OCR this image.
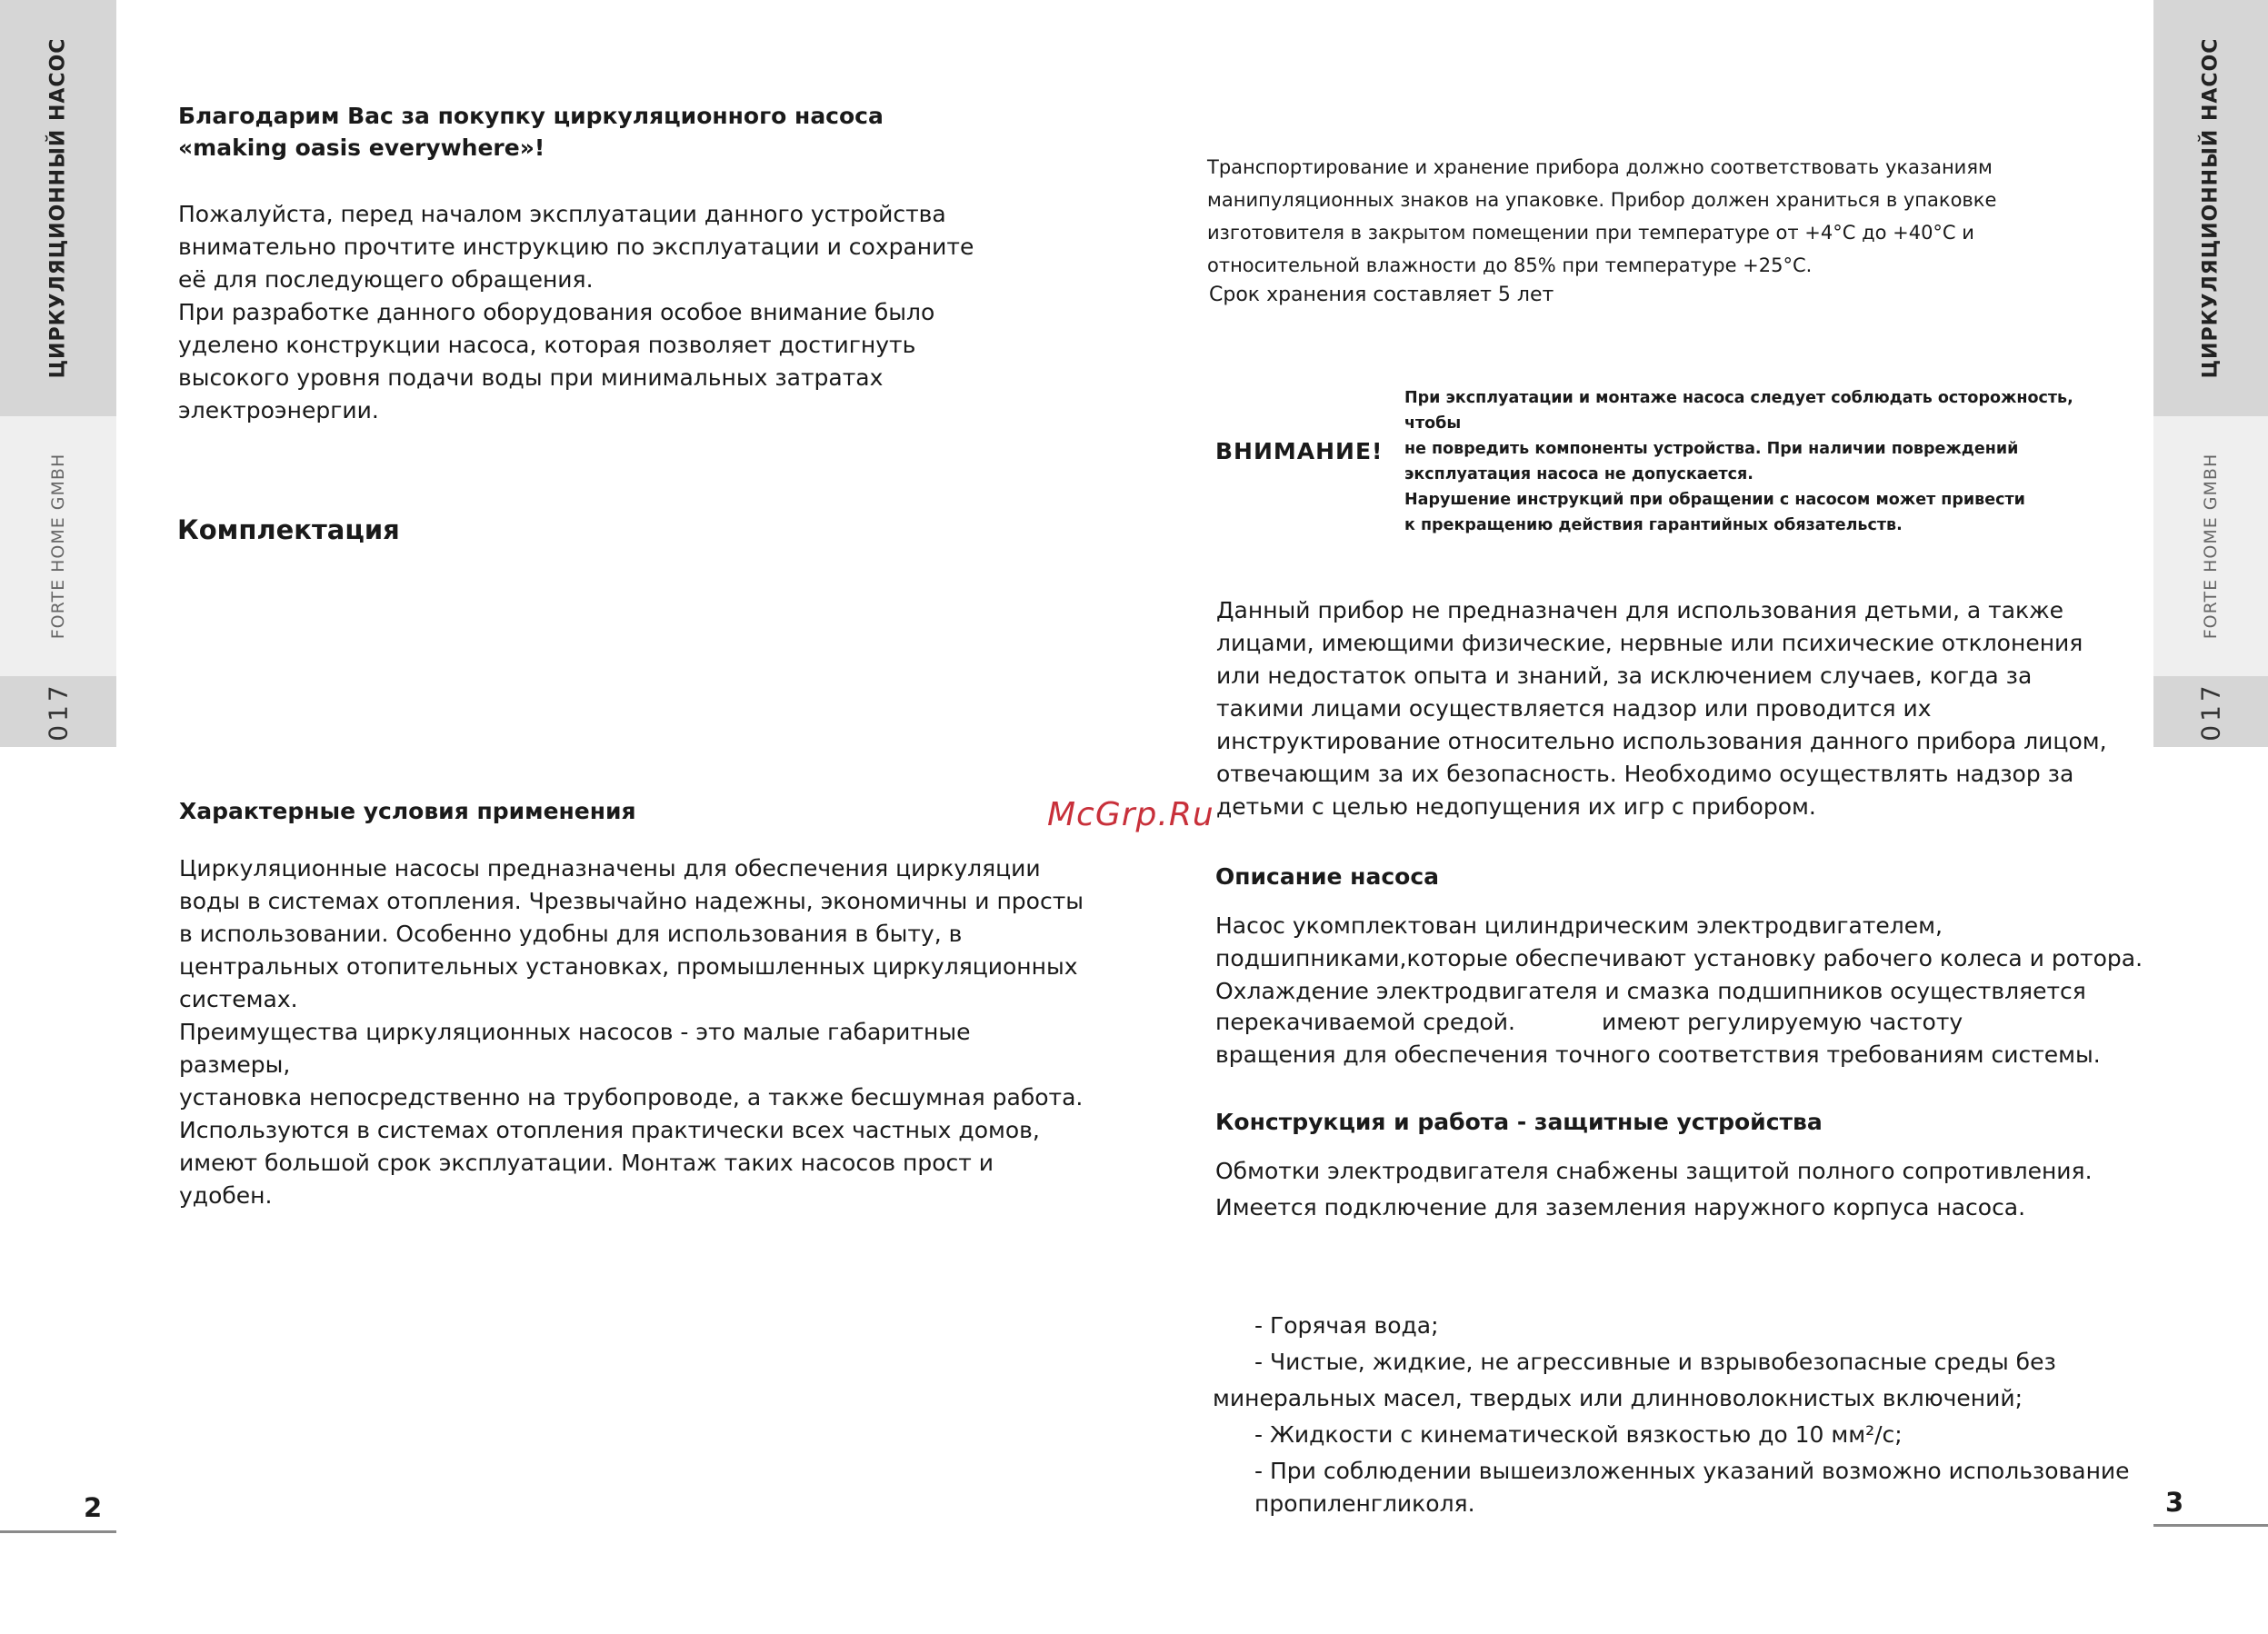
ЦИРКУЛЯЦИОННЫЙ НАСОС
FORTE HOME GMBH
017
ЦИРКУЛЯЦИОННЫЙ НАСОС
FORTE HOME GMBH
017
Благодарим Вас за покупку циркуляционного насоса
«making oasis everywhere»!

Пожалуйста, перед началом эксплуатации данного устройства
внимательно прочтите инструкцию по эксплуатации и сохраните
её для последующего обращения.
При разработке данного оборудования особое внимание было
уделено конструкции насоса, которая позволяет достигнуть
высокого уровня подачи воды при минимальных затратах
электроэнергии.

Комплектация
Характерные условия применения

Циркуляционные насосы предназначены для обеспечения циркуляции
воды в системах отопления. Чрезвычайно надежны, экономичны и просты
в использовании. Особенно удобны для использования в быту, в
центральных отопительных установках, промышленных циркуляционных
системах.
Преимущества циркуляционных насосов - это малые габаритные размеры,
установка непосредственно на трубопроводе, а также бесшумная работа.
Используются в системах отопления практически всех частных домов,
имеют большой срок эксплуатации. Монтаж таких насосов прост и удобен.

2

Транспортирование и хранение прибора должно соответствовать указаниям
манипуляционных знаков на упаковке. Прибор должен храниться в упаковке
изготовителя в закрытом помещении при температуре от +4°С до +40°С и
относительной влажности до 85% при температуре +25°С.

Срок хранения составляет 5 лет
ВНИМАНИЕ!

При эксплуатации и монтаже насоса следует соблюдать осторожность, чтобы
не повредить компоненты устройства. При наличии повреждений
эксплуатация насоса не допускается.
Нарушение инструкций при обращении с насосом может привести
к прекращению действия гарантийных обязательств.

Данный прибор не предназначен для использования детьми, а также
лицами, имеющими физические, нервные или психические отклонения
или недостаток опыта и знаний, за исключением случаев, когда за
такими лицами осуществляется надзор или проводится их
инструктирование относительно использования данного прибора лицом,
отвечающим за их безопасность. Необходимо осуществлять надзор за
детьми с целью недопущения их игр с прибором.

Описание насоса
Насос укомплектован цилиндрическим электродвигателем,
подшипниками,которые обеспечивают установку рабочего колеса и ротора.
Охлаждение электродвигателя и смазка подшипников осуществляется
перекачиваемой средой.	имеют регулируемую частоту
вращения для обеспечения точного соответствия требованиям системы.
Конструкция и работа - защитные устройства
Обмотки электродвигателя снабжены защитой полного сопротивления.
Имеется подключение для заземления наружного корпуса насоса.
- Горячая вода;
- Чистые, жидкие, не агрессивные и взрывобезопасные среды без
минеральных масел, твердых или длинноволокнистых включений;
- Жидкости с кинематической вязкостью до 10 мм²/с;
- При соблюдении вышеизложенных указаний возможно использование
пропиленгликоля.	3
McGrp.Ru
